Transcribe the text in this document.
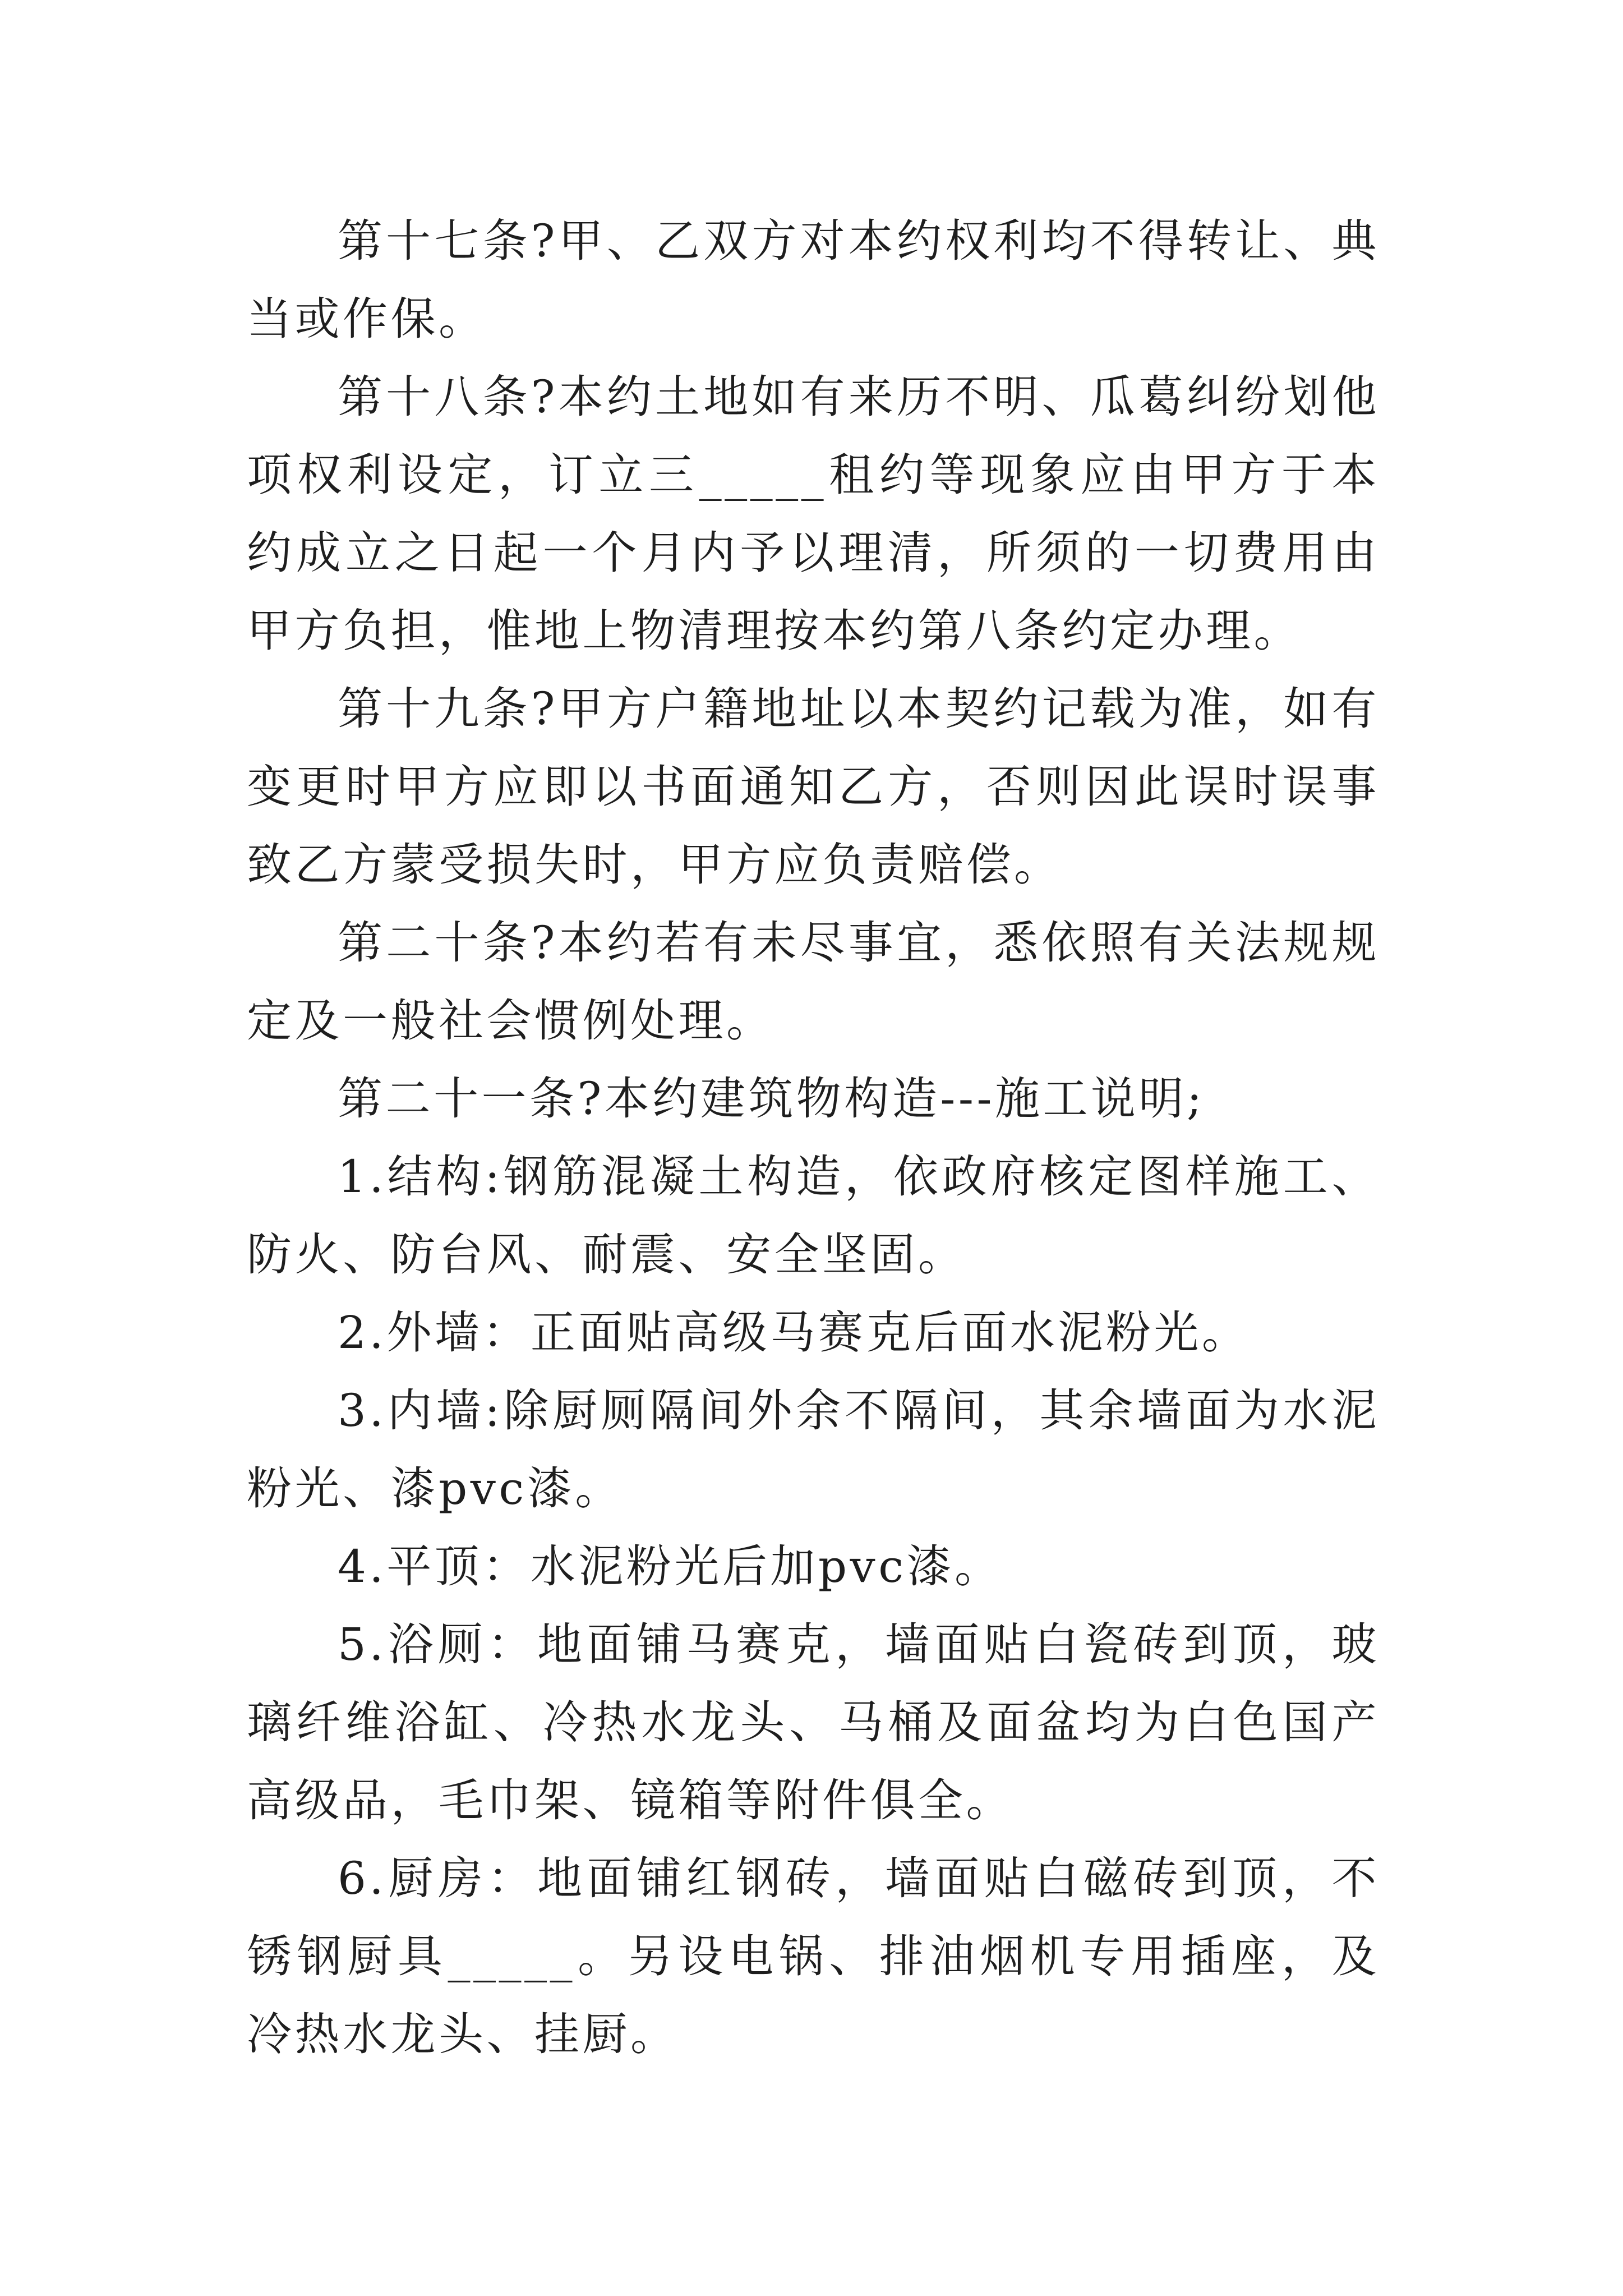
第十七条?甲、乙双方对本约权利均不得转让、典当或作保。

第十八条?本约土地如有来历不明、瓜葛纠纷划他项权利设定，订立三_____租约等现象应由甲方于本约成立之日起一个月内予以理清，所须的一切费用由甲方负担，惟地上物清理按本约第八条约定办理。

第十九条?甲方户籍地址以本契约记载为准，如有变更时甲方应即以书面通知乙方，否则因此误时误事致乙方蒙受损失时，甲方应负责赔偿。

第二十条?本约若有未尽事宜，悉依照有关法规规定及一般社会惯例处理。

第二十一条?本约建筑物构造---施工说明;

1.结构:钢筋混凝土构造，依政府核定图样施工、防火、防台风、耐震、安全坚固。

2.外墙：正面贴高级马赛克后面水泥粉光。

3.内墙:除厨厕隔间外余不隔间，其余墙面为水泥粉光、漆pvc漆。

4.平顶：水泥粉光后加pvc漆。

5.浴厕：地面铺马赛克，墙面贴白瓷砖到顶，玻璃纤维浴缸、冷热水龙头、马桶及面盆均为白色国产高级品，毛巾架、镜箱等附件俱全。

6.厨房：地面铺红钢砖，墙面贴白磁砖到顶，不锈钢厨具_____。另设电锅、排油烟机专用插座，及冷热水龙头、挂厨。
